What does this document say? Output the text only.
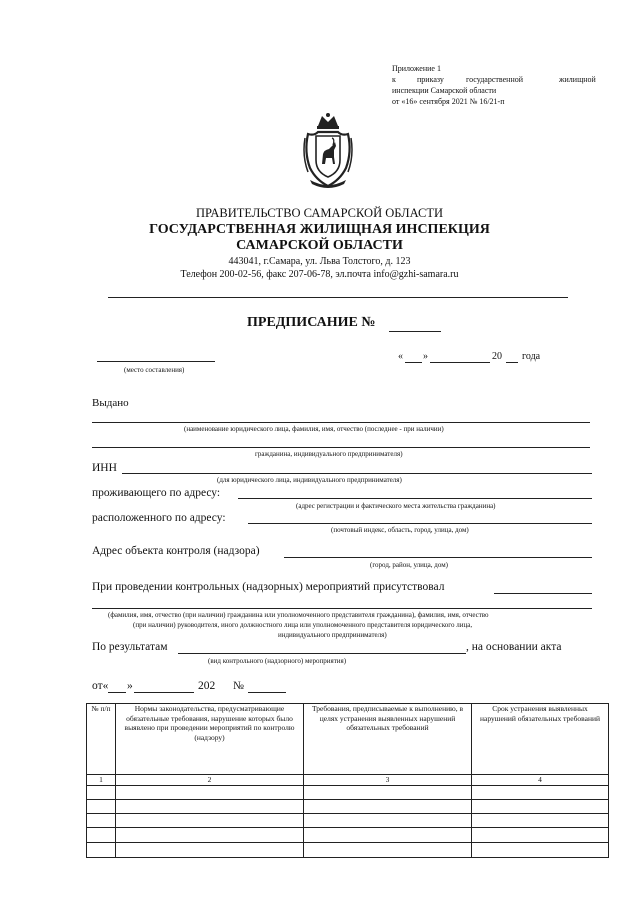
Приложение 1
к	приказу	государственной	жилищной
инспекции Самарской области
от «16» сентября 2021 № 16/21-п
ПРАВИТЕЛЬСТВО САМАРСКОЙ ОБЛАСТИ
ГОСУДАРСТВЕННАЯ ЖИЛИЩНАЯ ИНСПЕКЦИЯ
САМАРСКОЙ ОБЛАСТИ
443041, г.Самара, ул. Льва Толстого, д. 123
Телефон 200-02-56, факс 207-06-78, эл.почта info@gzhi-samara.ru
ПРЕДПИСАНИЕ №
(место составления)
« »	20 года
Выдано
(наименование юридического лица, фамилия, имя, отчество (последнее - при наличии)
гражданина, индивидуального предпринимателя)
ИНН
(для юридического лица, индивидуального предпринимателя)
проживающего по адресу:
(адрес регистрации и фактического места жительства гражданина)
расположенного по адресу:
(почтовый индекс, область, город, улица, дом)
Адрес объекта контроля (надзора)
(город, район, улица, дом)
При проведении контрольных (надзорных) мероприятий присутствовал
(фамилия, имя, отчество (при наличии) гражданина или уполномоченного представителя гражданина), фамилия, имя, отчество
(при наличии) руководителя, иного должностного лица или уполномоченного представителя юридического лица,
индивидуального предпринимателя)
По результатам	, на основании акта
(вид контрольного (надзорного) мероприятия)
от« »	202 №
№ п/п	Нормы законодательства, предусматривающие обязательные требования, нарушение которых было выявлено при проведении мероприятий по контролю (надзору)	Требования, предписываемые к выполнению, в целях устранения выявленных нарушений обязательных требований	Срок устранения выявленных нарушений обязательных требований
1	2	3	4
